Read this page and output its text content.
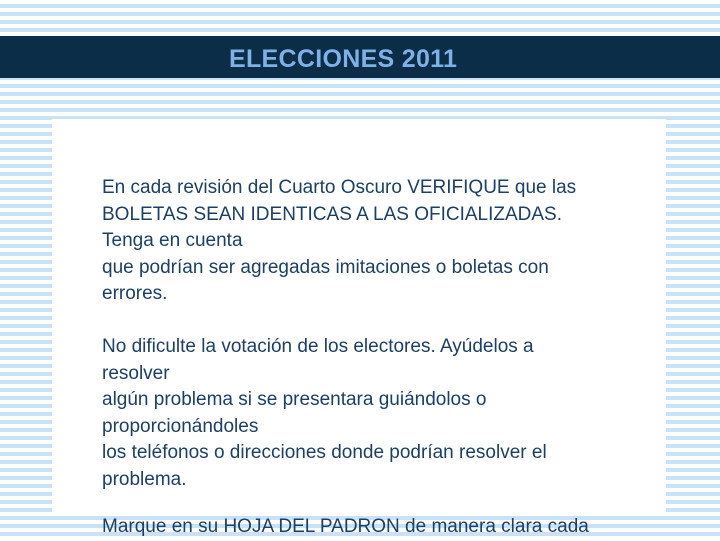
ELECCIONES 2011
En cada revisión del Cuarto Oscuro VERIFIQUE que las
BOLETAS SEAN IDENTICAS A LAS OFICIALIZADAS.
Tenga en cuenta
que podrían ser agregadas imitaciones o boletas con
errores.
No dificulte la votación de los electores. Ayúdelos a
resolver
algún problema si se presentara guiándolos o
proporcionándoles
los teléfonos o direcciones donde podrían resolver el
problema.
Marque en su HOJA DEL PADRON de manera clara cada
